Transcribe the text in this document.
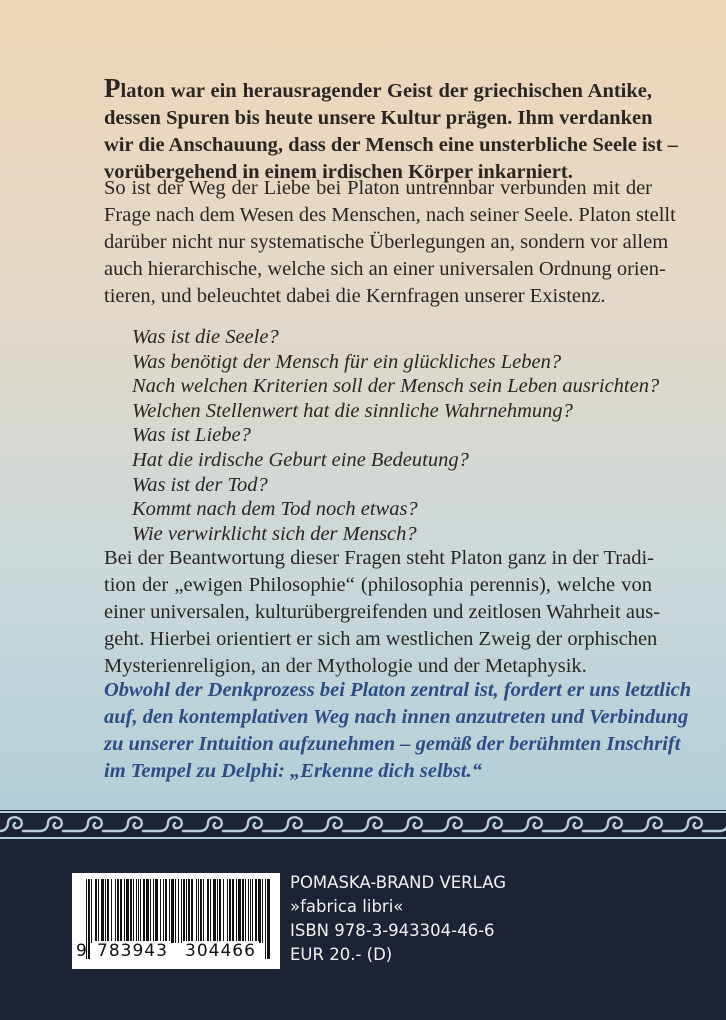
Platon war ein herausragender Geist der griechischen Antike,
dessen Spuren bis heute unsere Kultur prägen. Ihm verdanken
wir die Anschauung, dass der Mensch eine unsterbliche Seele ist –
vorübergehend in einem irdischen Körper inkarniert.
So ist der Weg der Liebe bei Platon untrennbar verbunden mit der
Frage nach dem Wesen des Menschen, nach seiner Seele. Platon stellt
darüber nicht nur systematische Überlegungen an, sondern vor allem
auch hierarchische, welche sich an einer universalen Ordnung orien-
tieren, und beleuchtet dabei die Kernfragen unserer Existenz.
Was ist die Seele?
Was benötigt der Mensch für ein glückliches Leben?
Nach welchen Kriterien soll der Mensch sein Leben ausrichten?
Welchen Stellenwert hat die sinnliche Wahrnehmung?
Was ist Liebe?
Hat die irdische Geburt eine Bedeutung?
Was ist der Tod?
Kommt nach dem Tod noch etwas?
Wie verwirklicht sich der Mensch?
Bei der Beantwortung dieser Fragen steht Platon ganz in der Tradi-
tion der „ewigen Philosophie“ (philosophia perennis), welche von
einer universalen, kulturübergreifenden und zeitlosen Wahrheit aus-
geht. Hierbei orientiert er sich am westlichen Zweig der orphischen
Mysterienreligion, an der Mythologie und der Metaphysik.
Obwohl der Denkprozess bei Platon zentral ist, fordert er uns letztlich
auf, den kontemplativen Weg nach innen anzutreten und Verbindung
zu unserer Intuition aufzunehmen – gemäß der berühmten Inschrift
im Tempel zu Delphi: „Erkenne dich selbst.“
9 783943 304466
POMASKA-BRAND VERLAG
»fabrica libri«
ISBN 978-3-943304-46-6
EUR 20.- (D)
